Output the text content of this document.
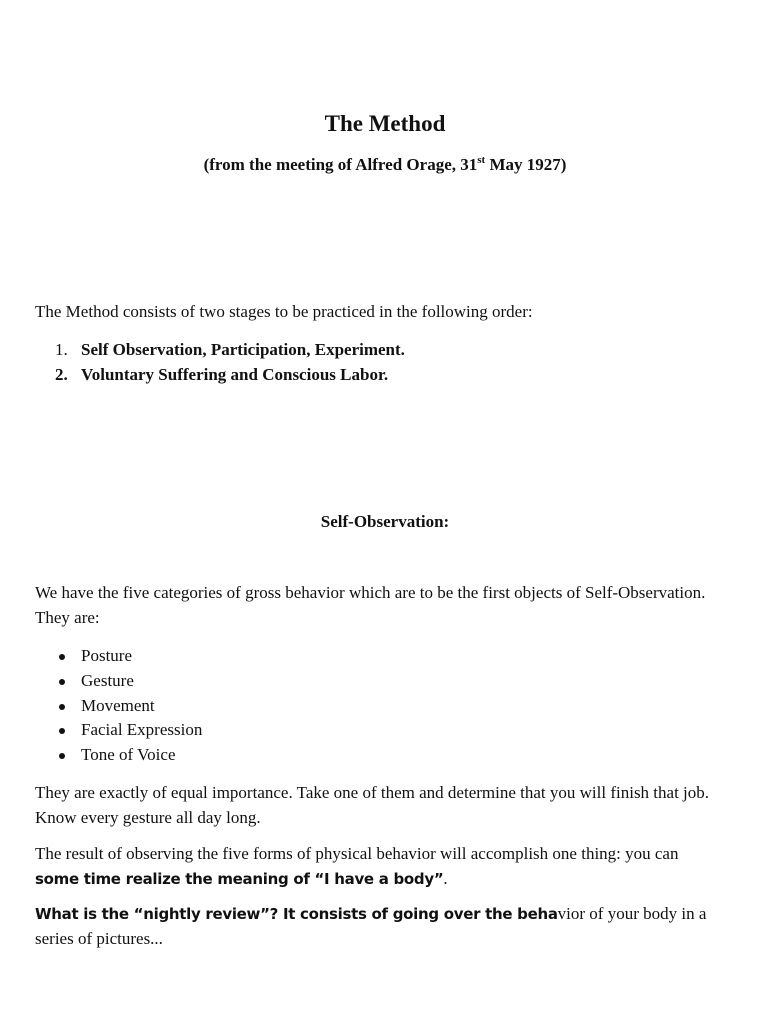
The Method

(from the meeting of Alfred Orage, 31st May 1927)

The Method consists of two stages to be practiced in the following order:

1. Self Observation, Participation, Experiment.
2. Voluntary Suffering and Conscious Labor.
Self-Observation:

We have the five categories of gross behavior which are to be the first objects of Self-Observation. They are:

Posture
Gesture
Movement
Facial Expression
Tone of Voice

They are exactly of equal importance. Take one of them and determine that you will finish that job. Know every gesture all day long.

The result of observing the five forms of physical behavior will accomplish one thing: you can some time realize the meaning of “I have a body”.

What is the “nightly review”? It consists of going over the behavior of your body in a series of pictures...
